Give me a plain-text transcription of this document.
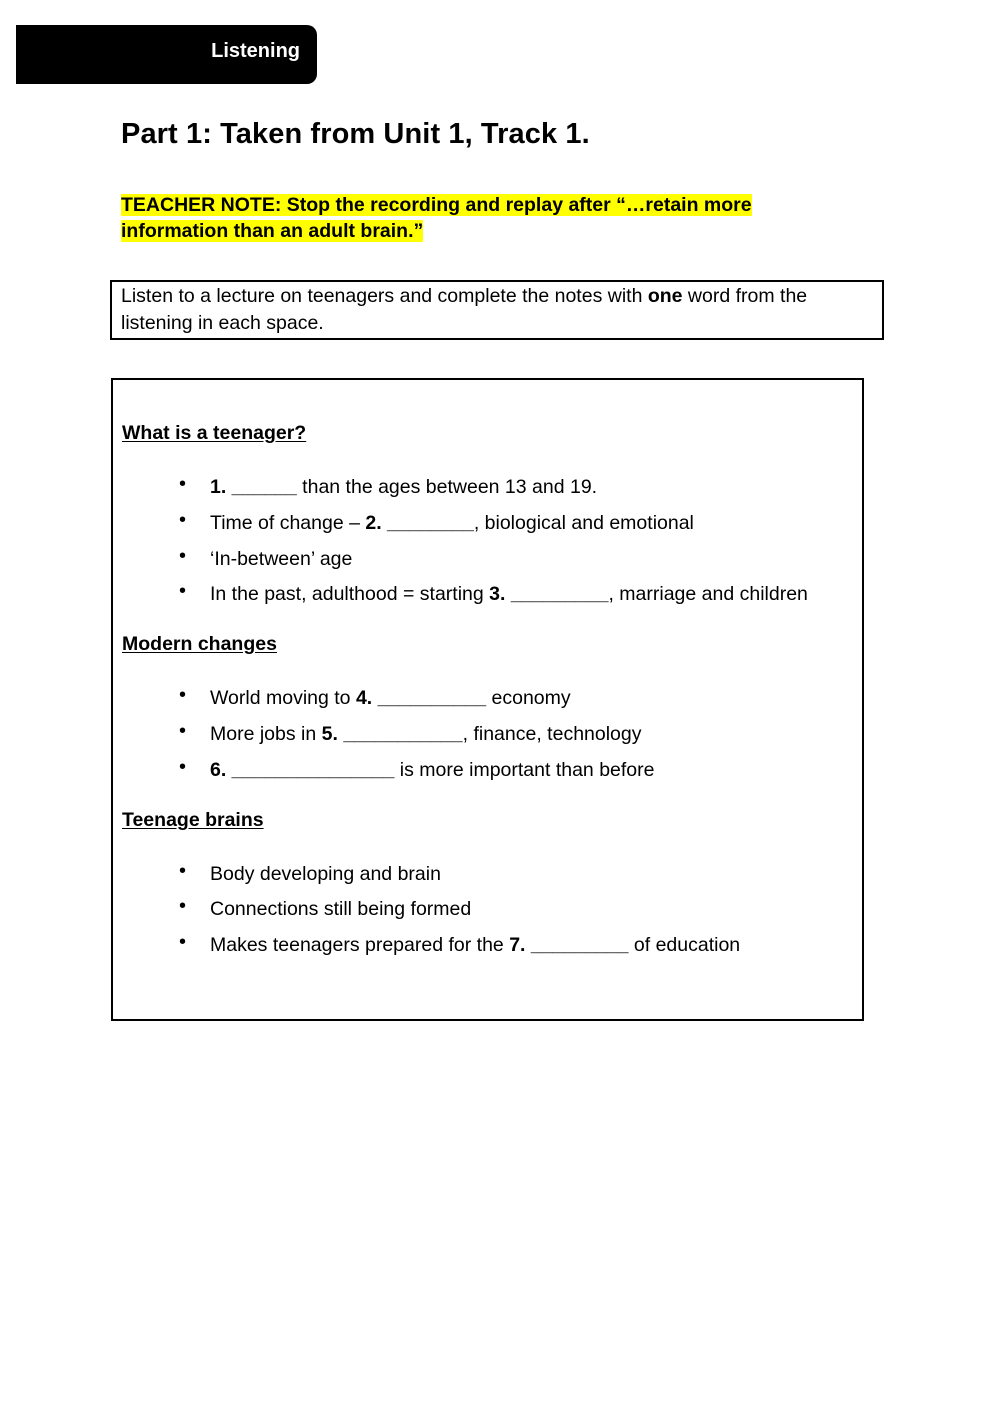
Listening
Part 1: Taken from Unit 1, Track 1.
TEACHER NOTE: Stop the recording and replay after “…retain more
information than an adult brain.”
Listen to a lecture on teenagers and complete the notes with one word from the listening in each space.
What is a teenager?
• 1. ______ than the ages between 13 and 19.
• Time of change – 2. ________, biological and emotional
• ‘In-between’ age
• In the past, adulthood = starting 3. _________, marriage and children
Modern changes
• World moving to 4. __________ economy
• More jobs in 5. ___________, finance, technology
• 6. _______________ is more important than before
Teenage brains
• Body developing and brain
• Connections still being formed
• Makes teenagers prepared for the 7. _________ of education
